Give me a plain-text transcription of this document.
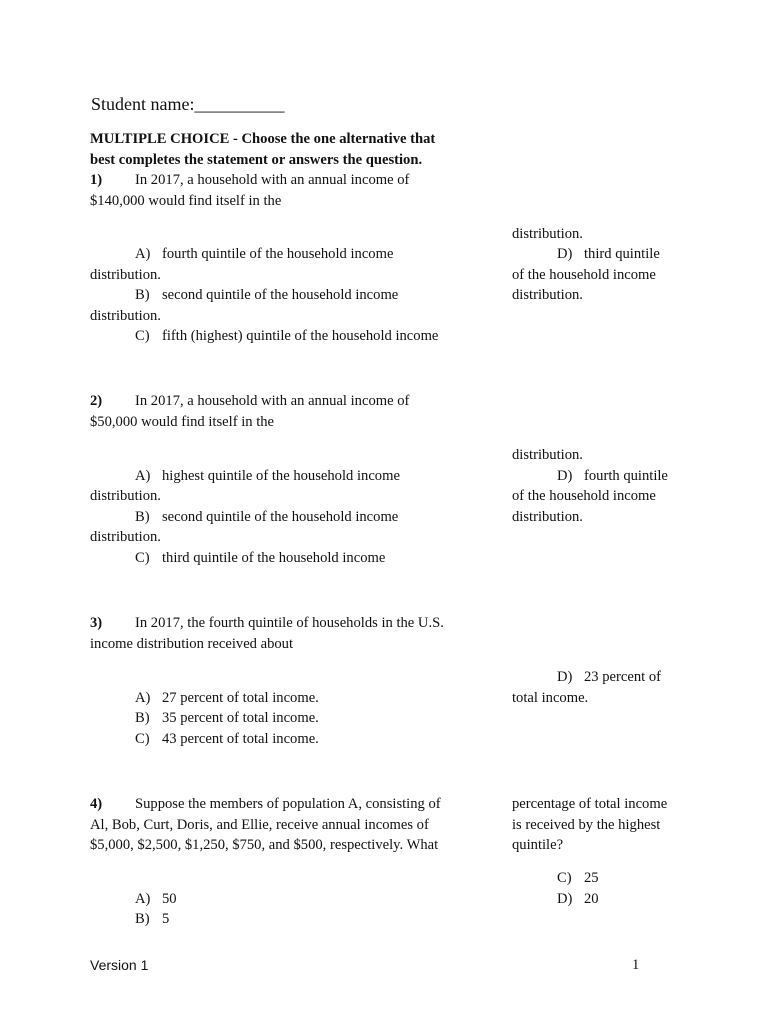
Student name:__________
MULTIPLE CHOICE - Choose the one alternative that
best completes the statement or answers the question.
1) In 2017, a household with an annual income of
$140,000 would find itself in the
A) fourth quintile of the household income
distribution.
B) second quintile of the household income
distribution.
C) fifth (highest) quintile of the household income
distribution.
D) third quintile
of the household income
distribution.
2) In 2017, a household with an annual income of
$50,000 would find itself in the
A) highest quintile of the household income
distribution.
B) second quintile of the household income
distribution.
C) third quintile of the household income
distribution.
D) fourth quintile
of the household income
distribution.
3) In 2017, the fourth quintile of households in the U.S.
income distribution received about
A) 27 percent of total income.
B) 35 percent of total income.
C) 43 percent of total income.
D) 23 percent of
total income.
4) Suppose the members of population A, consisting of
Al, Bob, Curt, Doris, and Ellie, receive annual incomes of
$5,000, $2,500, $1,250, $750, and $500, respectively. What
percentage of total income
is received by the highest
quintile?
A) 50
B) 5
C) 25
D) 20
Version 1	1
